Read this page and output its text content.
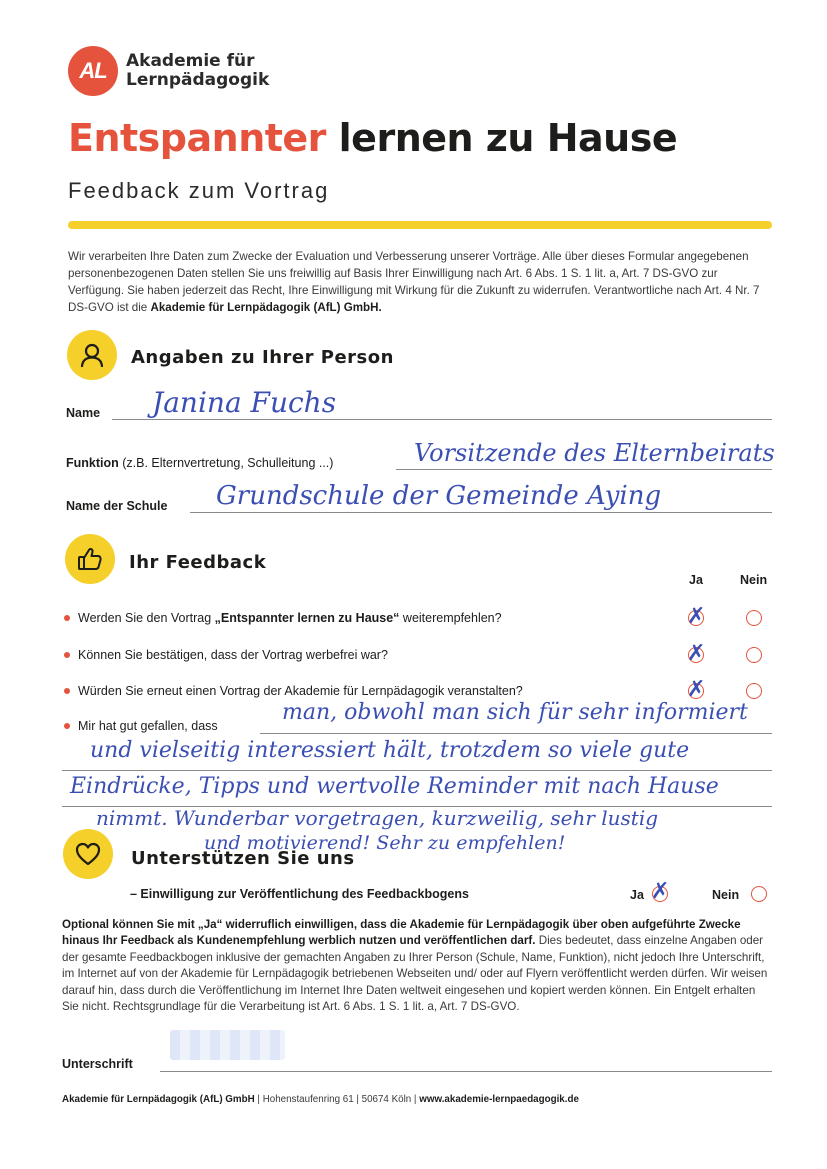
AL	Akademie für
Lernpädagogik
Entspannter lernen zu Hause
Feedback zum Vortrag
Wir verarbeiten Ihre Daten zum Zwecke der Evaluation und Verbesserung unserer Vorträge. Alle über dieses Formular angegebenen personenbezogenen Daten stellen Sie uns freiwillig auf Basis Ihrer Einwilligung nach Art. 6 Abs. 1 S. 1 lit. a, Art. 7 DS-GVO zur Verfügung. Sie haben jederzeit das Recht, Ihre Einwilligung mit Wirkung für die Zukunft zu widerrufen. Verantwortliche nach Art. 4 Nr. 7 DS-GVO ist die Akademie für Lernpädagogik (AfL) GmbH.
Angaben zu Ihrer Person
Name Janina Fuchs
Funktion (z.B. Elternvertretung, Schulleitung ...)	Vorsitzende des Elternbeirats
Name der Schule Grundschule der Gemeinde Aying
Ihr Feedback
Ja	Nein
Werden Sie den Vortrag „Entspannter lernen zu Hause“ weiterempfehlen?	✗
Können Sie bestätigen, dass der Vortrag werbefrei war?	✗
Würden Sie erneut einen Vortrag der Akademie für Lernpädagogik veranstalten?	✗
Mir hat gut gefallen, dass
man, obwohl man sich für sehr informiert
und vielseitig interessiert hält, trotzdem so viele gute
Eindrücke, Tipps und wertvolle Reminder mit nach Hause
nimmt. Wunderbar vorgetragen, kurzweilig, sehr lustig
und motivierend! Sehr zu empfehlen!
Unterstützen Sie uns
– Einwilligung zur Veröffentlichung des Feedbackbogens	Ja ✗	Nein
Optional können Sie mit „Ja“ widerruflich einwilligen, dass die Akademie für Lernpädagogik über oben aufgeführte Zwecke hinaus Ihr Feedback als Kundenempfehlung werblich nutzen und veröffentlichen darf. Dies bedeutet, dass einzelne Angaben oder der gesamte Feedbackbogen inklusive der gemachten Angaben zu Ihrer Person (Schule, Name, Funktion), nicht jedoch Ihre Unterschrift, im Internet auf von der Akademie für Lernpädagogik betriebenen Webseiten und/ oder auf Flyern veröffentlicht werden dürfen. Wir weisen darauf hin, dass durch die Veröffentlichung im Internet Ihre Daten weltweit eingesehen und kopiert werden können. Ein Entgelt erhalten Sie nicht. Rechtsgrundlage für die Verarbeitung ist Art. 6 Abs. 1 S. 1 lit. a, Art. 7 DS-GVO.
Unterschrift
Akademie für Lernpädagogik (AfL) GmbH | Hohenstaufenring 61 | 50674 Köln | www.akademie-lernpaedagogik.de
